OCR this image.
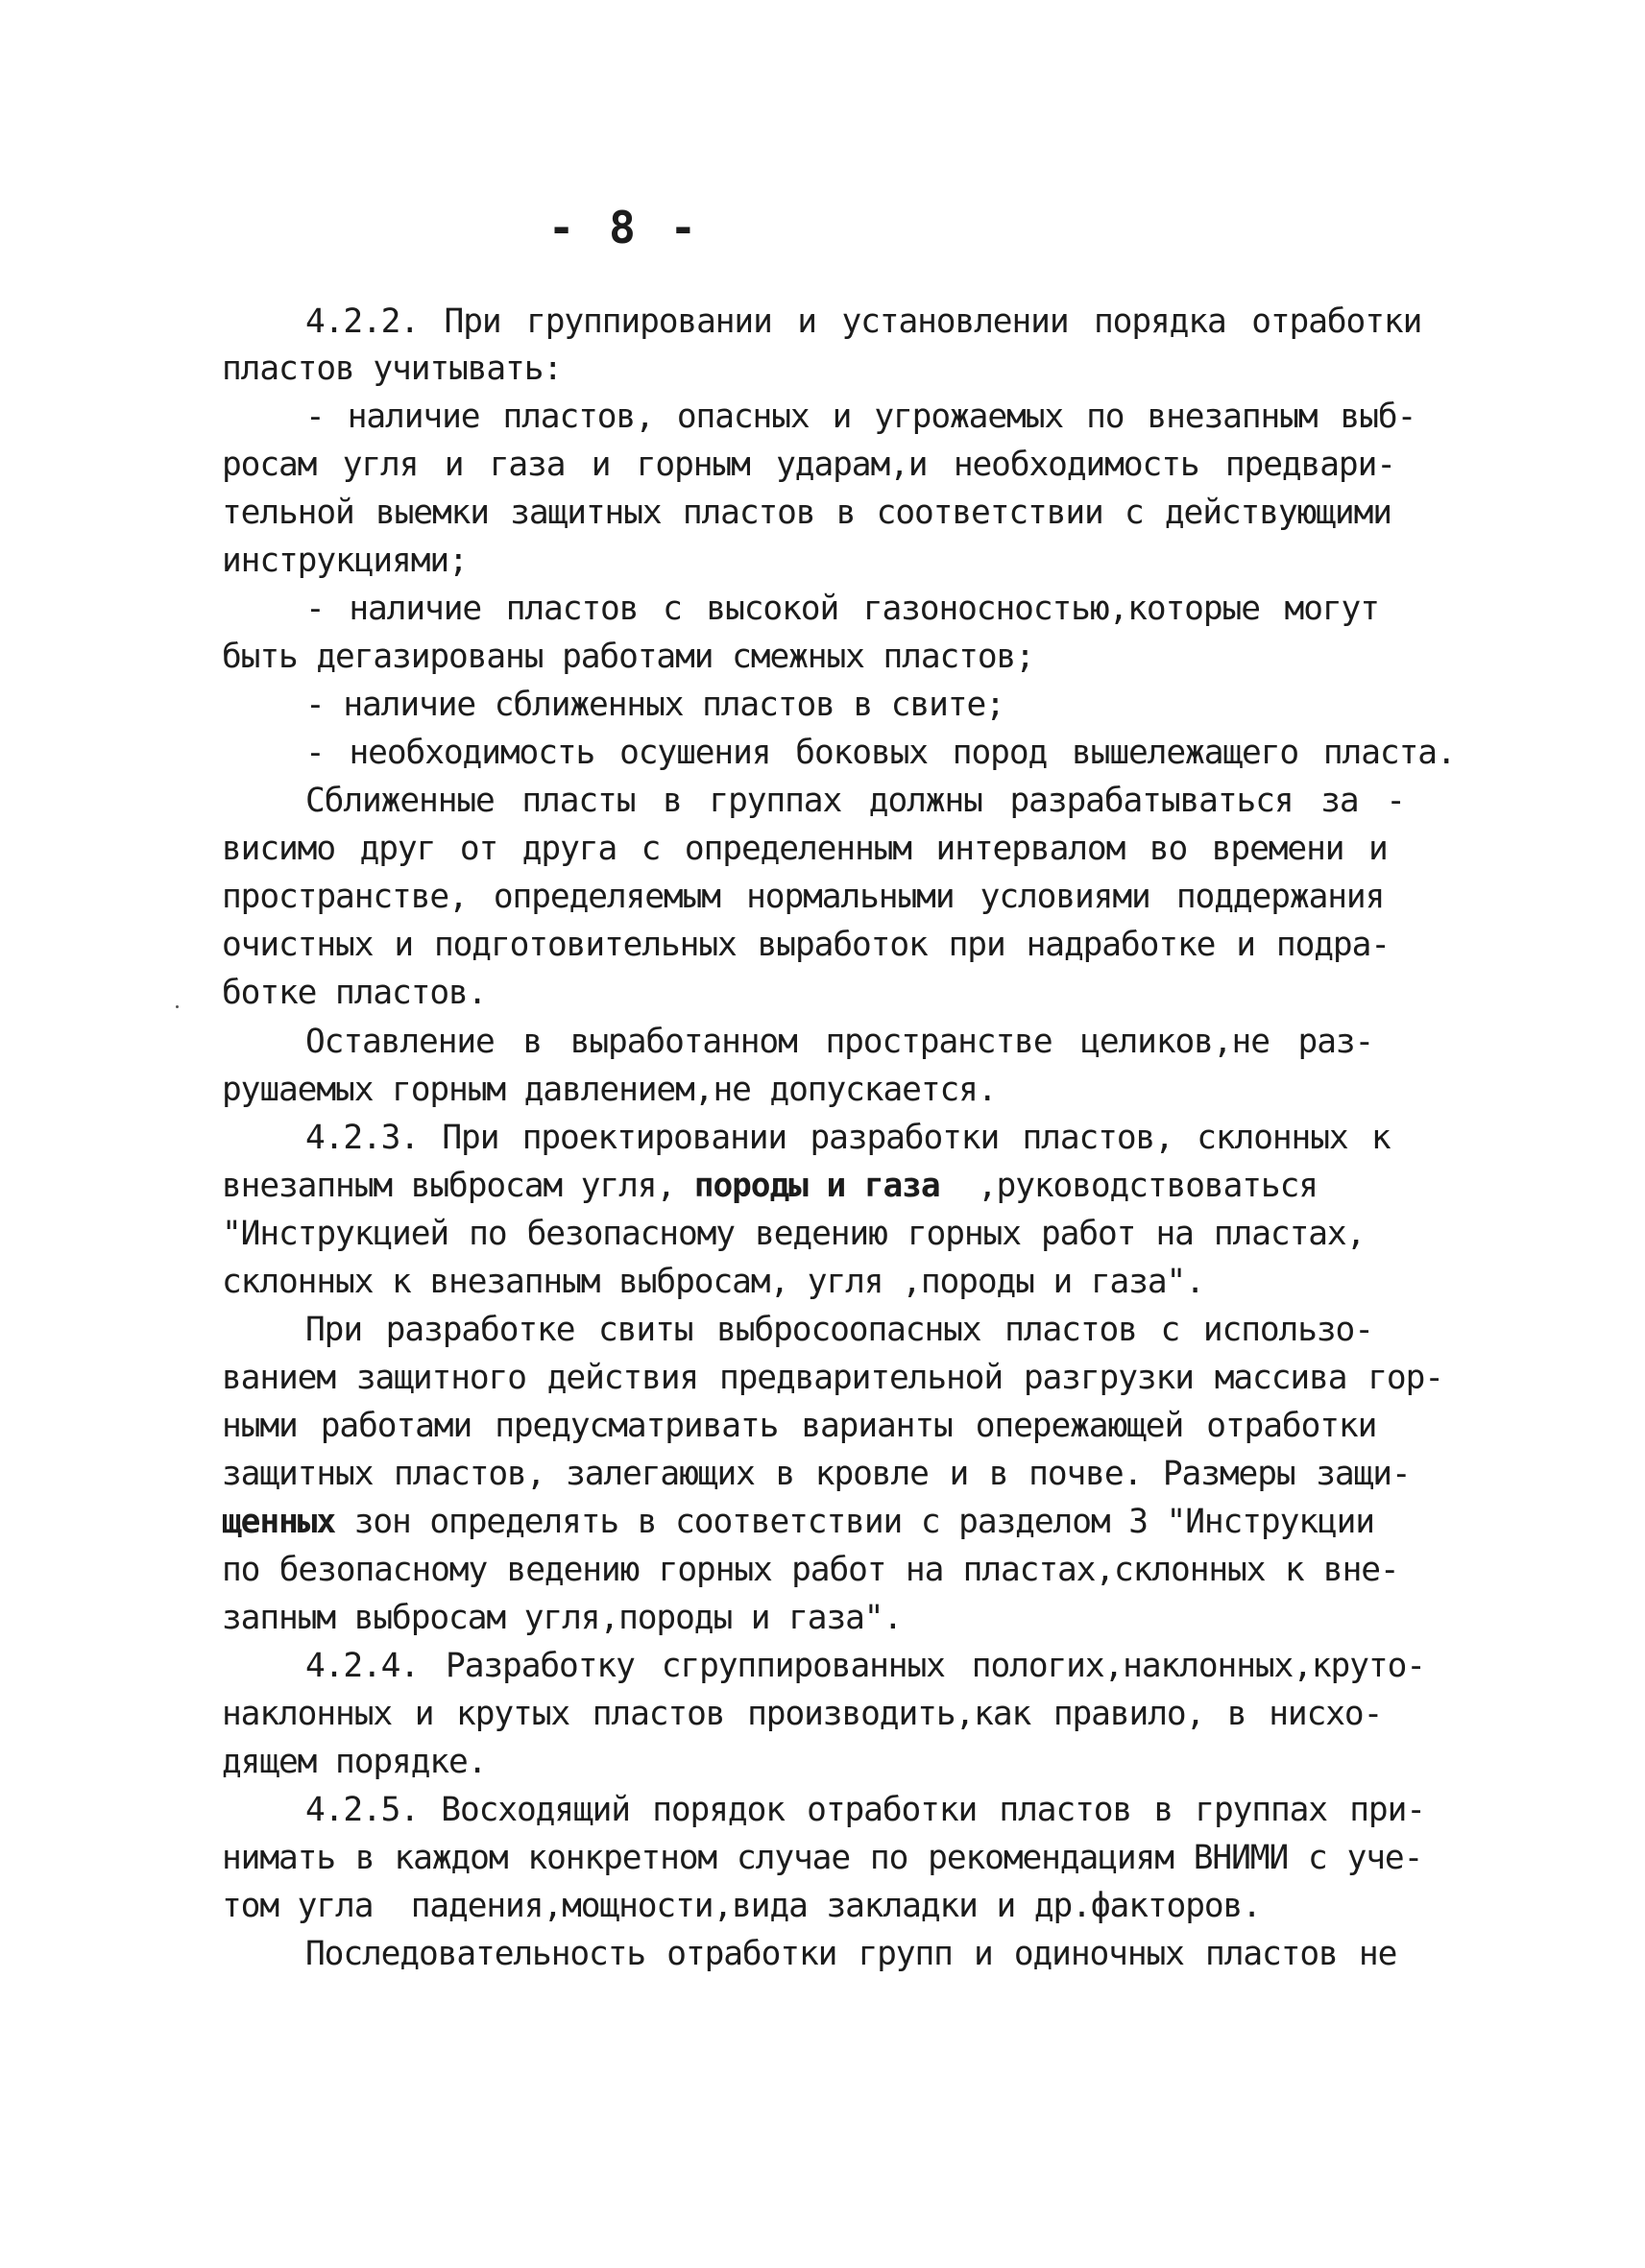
- 8 -
4.2.2. При группировании и установлении порядка отработки
пластов учитывать:
- наличие пластов, опасных и угрожаемых по внезапным выб-
росам угля и газа и горным ударам,и необходимость предвари-
тельной выемки защитных пластов в соответствии с действующими
инструкциями;
- наличие пластов с высокой газоносностью,которые могут
быть дегазированы работами смежных пластов;
- наличие сближенных пластов в свите;
- необходимость осушения боковых пород вышележащего пласта.
Сближенные пласты в группах должны разрабатываться за -
висимо друг от друга с определенным интервалом во времени и
пространстве, определяемым нормальными условиями поддержания
очистных и подготовительных выработок при надработке и подра-
ботке пластов.
Оставление в выработанном пространстве целиков,не раз-
рушаемых горным давлением,не допускается.
4.2.3. При проектировании разработки пластов, склонных к
внезапным выбросам угля, породы и газа  ,руководствоваться
"Инструкцией по безопасному ведению горных работ на пластах,
склонных к внезапным выбросам, угля ,породы и газа".
При разработке свиты выбросоопасных пластов с использо-
ванием защитного действия предварительной разгрузки массива гор-
ными работами предусматривать варианты опережающей отработки
защитных пластов, залегающих в кровле и в почве. Размеры защи-
щенных зон определять в соответствии с разделом 3 "Инструкции
по безопасному ведению горных работ на пластах,склонных к вне-
запным выбросам угля,породы и газа".
4.2.4. Разработку сгруппированных пологих,наклонных,круто-
наклонных и крутых пластов производить,как правило, в нисхо-
дящем порядке.
4.2.5. Восходящий порядок отработки пластов в группах при-
нимать в каждом конкретном случае по рекомендациям ВНИМИ с уче-
том угла  падения,мощности,вида закладки и др.факторов.
Последовательность отработки групп и одиночных пластов не
